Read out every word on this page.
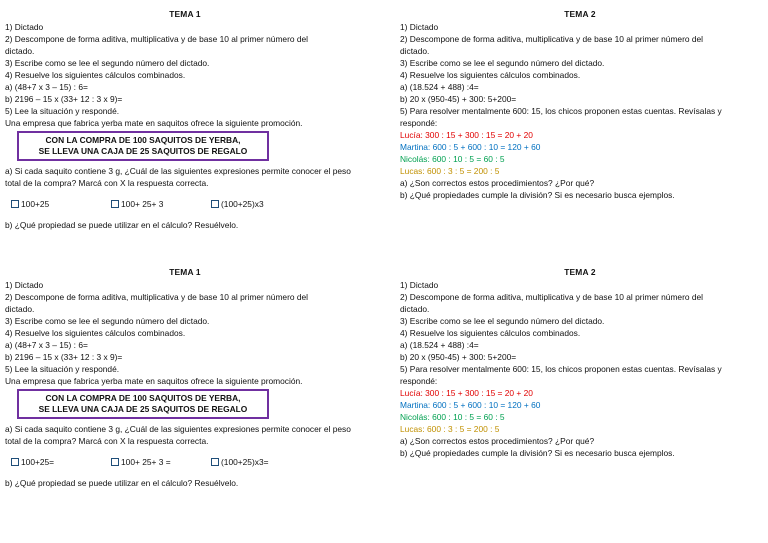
TEMA 1
1) Dictado
2) Descompone de forma aditiva, multiplicativa y de base 10 al primer número del
dictado.
3) Escribe como se lee el segundo número del dictado.
4) Resuelve los siguientes cálculos combinados.
a) (48+7 x 3 – 15) : 6=
b) 2196 – 15 x (33+ 12 : 3 x 9)=
5) Lee la situación y respondé.
Una empresa que fabrica yerba mate en saquitos ofrece la siguiente promoción.
CON LA COMPRA DE 100 SAQUITOS DE YERBA,
SE LLEVA UNA CAJA DE 25 SAQUITOS DE REGALO
a) Si cada saquito contiene 3 g, ¿Cuál de las siguientes expresiones permite conocer el peso total de la compra? Marcá con X la respuesta correcta.
100+25	100+ 25+ 3	(100+25)x3
b) ¿Qué propiedad se puede utilizar en el cálculo? Resuélvelo.
TEMA 2
1) Dictado
2) Descompone de forma aditiva, multiplicativa y de base 10 al primer número del
dictado.
3) Escribe como se lee el segundo número del dictado.
4) Resuelve los siguientes cálculos combinados.
a) (18.524 + 488) :4=
b) 20 x (950-45) + 300: 5+200=
5) Para resolver mentalmente 600: 15, los chicos proponen estas cuentas. Revísalas y respondé:
Lucía: 300 : 15 + 300 : 15 = 20 + 20
Martina: 600 : 5 + 600 : 10 = 120 + 60
Nicolás: 600 : 10 : 5 = 60 : 5
Lucas: 600 : 3 : 5 = 200 : 5
a) ¿Son correctos estos procedimientos? ¿Por qué?
b) ¿Qué propiedades cumple la división? Si es necesario busca ejemplos.
TEMA 1
1) Dictado
2) Descompone de forma aditiva, multiplicativa y de base 10 al primer número del
dictado.
3) Escribe como se lee el segundo número del dictado.
4) Resuelve los siguientes cálculos combinados.
a) (48+7 x 3 – 15) : 6=
b) 2196 – 15 x (33+ 12 : 3 x 9)=
5) Lee la situación y respondé.
Una empresa que fabrica yerba mate en saquitos ofrece la siguiente promoción.
CON LA COMPRA DE 100 SAQUITOS DE YERBA,
SE LLEVA UNA CAJA DE 25 SAQUITOS DE REGALO
a) Si cada saquito contiene 3 g, ¿Cuál de las siguientes expresiones permite conocer el peso total de la compra? Marcá con X la respuesta correcta.
100+25=	100+ 25+ 3 =	(100+25)x3=
b) ¿Qué propiedad se puede utilizar en el cálculo? Resuélvelo.
TEMA 2
1) Dictado
2) Descompone de forma aditiva, multiplicativa y de base 10 al primer número del
dictado.
3) Escribe como se lee el segundo número del dictado.
4) Resuelve los siguientes cálculos combinados.
a) (18.524 + 488) :4=
b) 20 x (950-45) + 300: 5+200=
5) Para resolver mentalmente 600: 15, los chicos proponen estas cuentas. Revísalas y respondé:
Lucía: 300 : 15 + 300 : 15 = 20 + 20
Martina: 600 : 5 + 600 : 10 = 120 + 60
Nicolás: 600 : 10 : 5 = 60 : 5
Lucas: 600 : 3 : 5 = 200 : 5
a) ¿Son correctos estos procedimientos? ¿Por qué?
b) ¿Qué propiedades cumple la división? Si es necesario busca ejemplos.
